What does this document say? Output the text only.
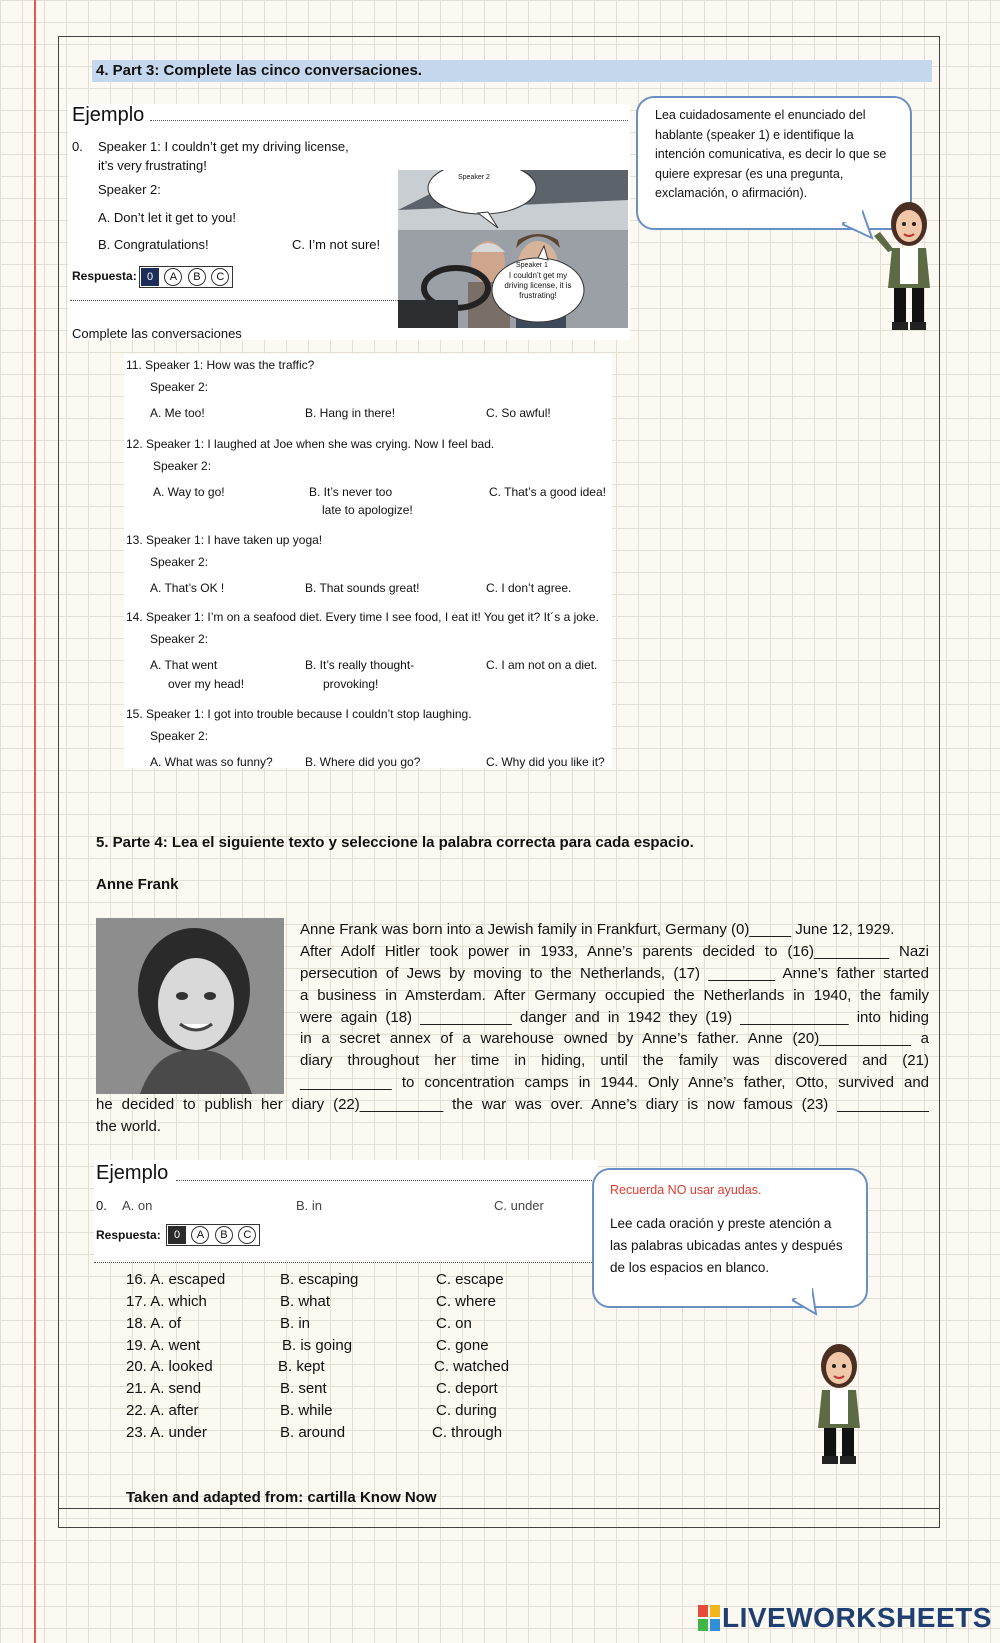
4. Part 3: Complete las cinco conversaciones.
Ejemplo
0. Speaker 1: I couldn’t get my driving license,
it’s very frustrating!
Speaker 2:
A. Don’t let it get to you!
B. Congratulations!	C. I’m not sure!
Respuesta: 0 A B C
Speaker 2
Speaker 1
I couldn’t get my driving license, it is frustrating!
Complete las conversaciones
Lea cuidadosamente el enunciado del hablante (speaker 1) e identifique la intención comunicativa, es decir lo que se quiere expresar (es una pregunta, exclamación, o afirmación).
11. Speaker 1: How was the traffic?
Speaker 2:
A. Me too!	B. Hang in there!	C. So awful!
12. Speaker 1: I laughed at Joe when she was crying. Now I feel bad.
Speaker 2:
A. Way to go!	B. It’s never too
late to apologize!
C. That’s a good idea!
13. Speaker 1: I have taken up yoga!
Speaker 2:
A. That’s OK !	B. That sounds great!	C. I don’t agree.
14. Speaker 1: I’m on a seafood diet. Every time I see food, I eat it! You get it? It´s a joke.
Speaker 2:
A. That went
over my head!
B. It’s really thought-
provoking!
C. I am not on a diet.
15. Speaker 1: I got into trouble because I couldn’t stop laughing.
Speaker 2:
A. What was so funny?	B. Where did you go?	C. Why did you like it?
5. Parte 4: Lea el siguiente texto y seleccione la palabra correcta para cada espacio.
Anne Frank
Anne Frank was born into a Jewish family in Frankfurt, Germany (0)_____ June 12, 1929.
After Adolf Hitler took power in 1933, Anne’s parents decided to (16)_________ Nazi
persecution of Jews by moving to the Netherlands, (17) ________ Anne’s father started
a business in Amsterdam. After Germany occupied the Netherlands in 1940, the family
were again (18) ___________ danger and in 1942 they (19) _____________ into hiding
in a secret annex of a warehouse owned by Anne’s father. Anne (20)___________ a
diary throughout her time in hiding, until the family was discovered and (21)
___________ to concentration camps in 1944. Only Anne’s father, Otto, survived and
he decided to publish her diary (22)__________ the war was over. Anne’s diary is now famous (23) ___________
the world.
Ejemplo
0. A. on	B. in	C. under
Respuesta:	0 A B C
16. A. escaped	B. escaping	C. escape
17. A. which	B. what	C. where
18. A. of	B. in	C. on
19. A. went	B. is going	C. gone
20. A. looked	B. kept	C. watched
21. A. send	B. sent	C. deport
22. A. after	B. while	C. during
23. A. under	B. around	C. through
Recuerda NO usar ayudas.
Lee cada oración y preste atención a las palabras ubicadas antes y después de los espacios en blanco.
Taken and adapted from: cartilla Know Now
LIVEWORKSHEETS
